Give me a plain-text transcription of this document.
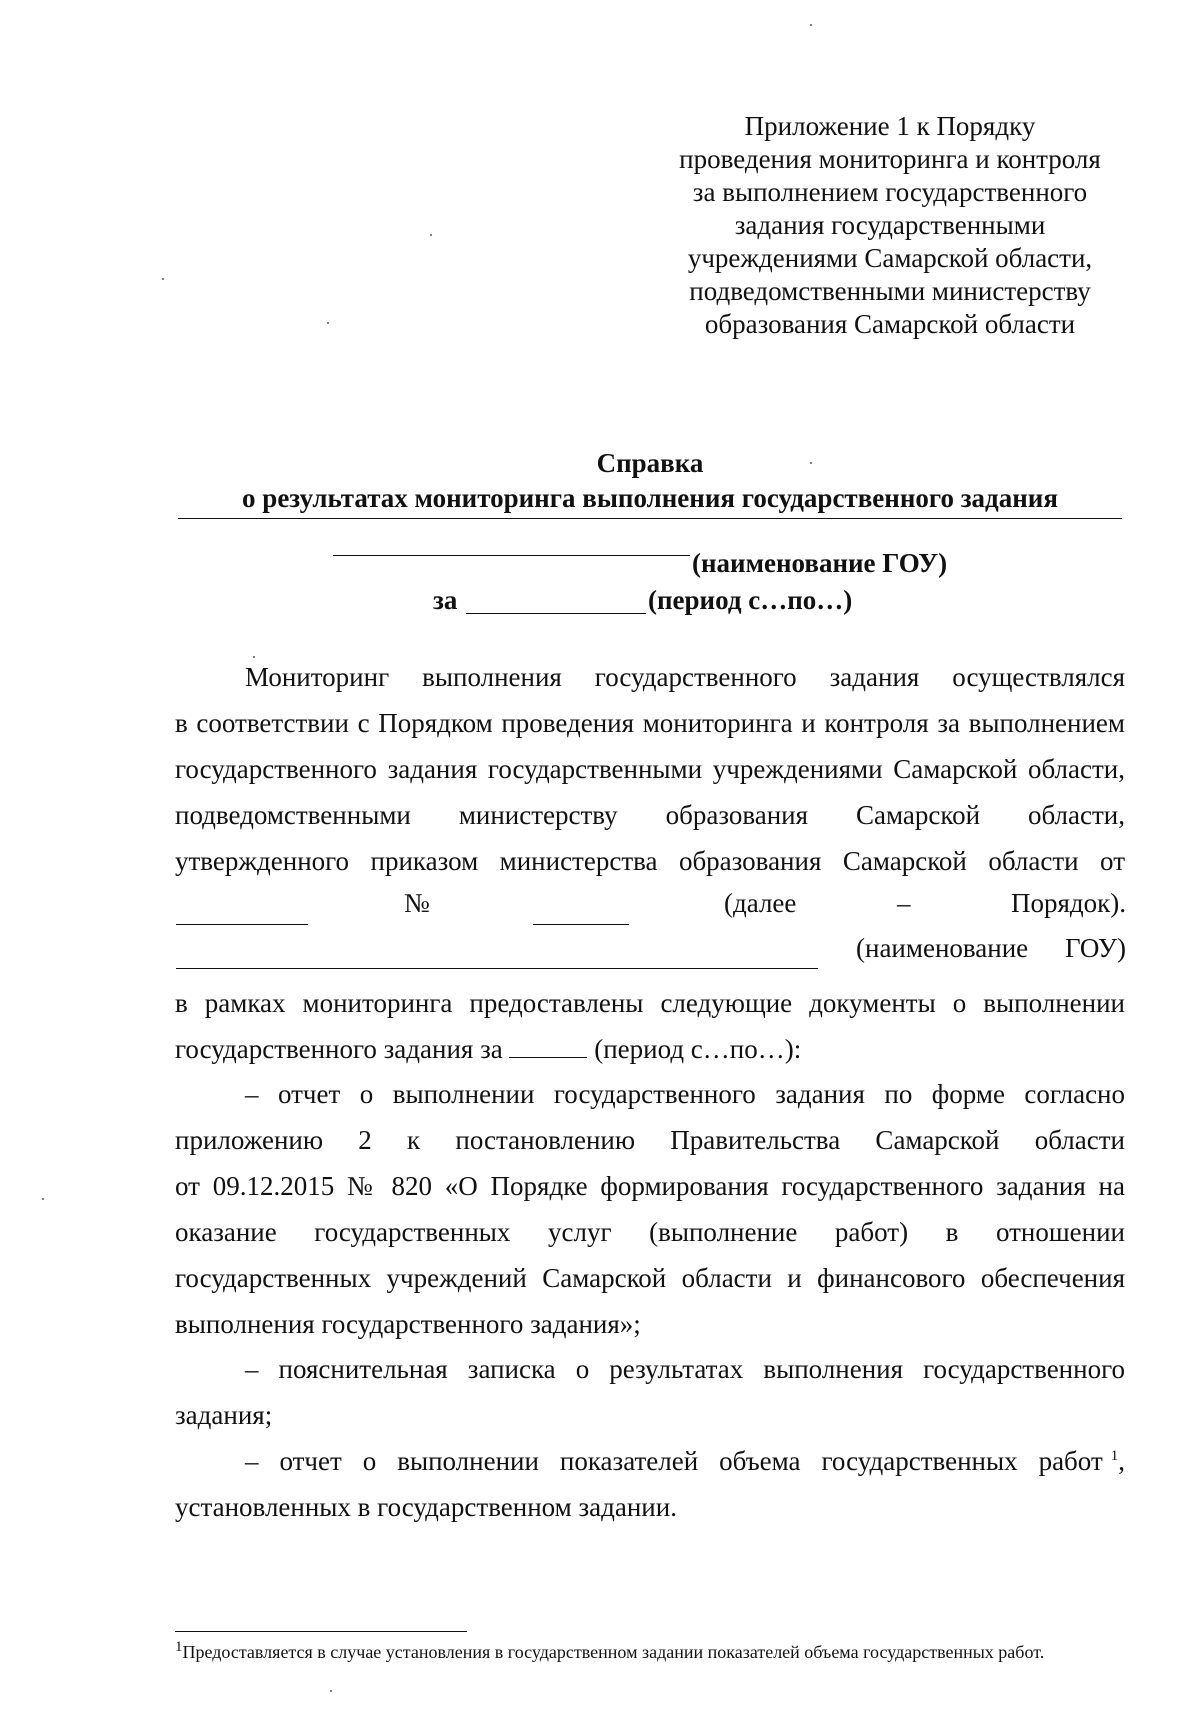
Приложение 1 к Порядку
проведения мониторинга и контроля
за выполнением государственного
задания государственными
учреждениями Самарской области,
подведомственными министерству
образования Самарской области
Справка
о результатах мониторинга выполнения государственного задания
(наименование ГОУ)
за	(период с…по…)
Мониторинг выполнения государственного задания осуществлялся
в соответствии с Порядком проведения мониторинга и контроля за выполнением
государственного задания государственными учреждениями Самарской области,
подведомственными министерству образования Самарской области,
утвержденного приказом министерства образования Самарской области от
№	(далее – Порядок).
(наименование ГОУ)
в рамках мониторинга предоставлены следующие документы о выполнении
государственного задания за	(период с…по…):
– отчет о выполнении государственного задания по форме согласно
приложению 2 к постановлению Правительства Самарской области
от 09.12.2015 № 820 «О Порядке формирования государственного задания на
оказание государственных услуг (выполнение работ) в отношении
государственных учреждений Самарской области и финансового обеспечения
выполнения государственного задания»;
– пояснительная записка о результатах выполнения государственного
задания;
– отчет о выполнении показателей объема государственных работ $^1$,
установленных в государственном задании.
$^1$Предоставляется в случае установления в государственном задании показателей объема государственных работ.
